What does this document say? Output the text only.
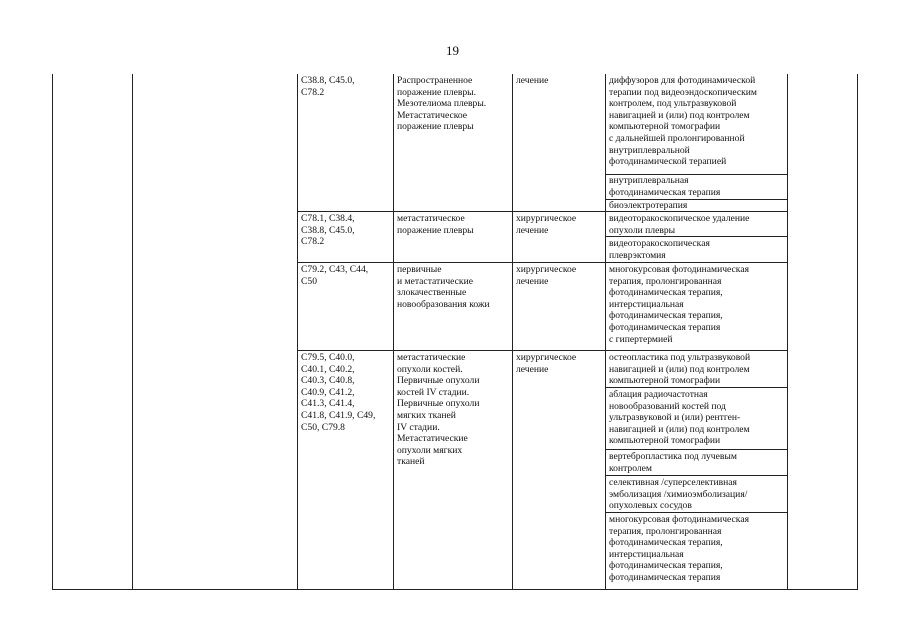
19
C38.8, C45.0,
C78.2
Распространенное
поражение плевры.
Мезотелиома плевры.
Метастатическое
поражение плевры
лечение	диффузоров для фотодинамической
терапии под видеоэндоскопическим
контролем, под ультразвуковой
навигацией и (или) под контролем
компьютерной томографии
с дальнейшей пролонгированной
внутриплевральной
фотодинамической терапией
внутриплевральная
фотодинамическая терапия
биоэлектротерапия
C78.1, C38.4,
C38.8, C45.0,
C78.2
метастатическое
поражение плевры
хирургическое
лечение
видеоторакоскопическое удаление
опухоли плевры
видеоторакоскопическая
плеврэктомия
C79.2, C43, C44,
C50
первичные
и метастатические
злокачественные
новообразования кожи
хирургическое
лечение
многокурсовая фотодинамическая
терапия, пролонгированная
фотодинамическая терапия,
интерстициальная
фотодинамическая терапия,
фотодинамическая терапия
с гипертермией
C79.5, C40.0,
C40.1, C40.2,
C40.3, C40.8,
C40.9, C41.2,
C41.3, C41.4,
C41.8, C41.9, C49,
C50, C79.8
метастатические
опухоли костей.
Первичные опухоли
костей IV стадии.
Первичные опухоли
мягких тканей
IV стадии.
Метастатические
опухоли мягких
тканей
хирургическое
лечение
остеопластика под ультразвуковой
навигацией и (или) под контролем
компьютерной томографии
аблация радиочастотная
новообразований костей под
ультразвуковой и (или) рентген-
навигацией и (или) под контролем
компьютерной томографии
вертебропластика под лучевым
контролем
селективная /суперселективная
эмболизация /химиоэмболизация/
опухолевых сосудов
многокурсовая фотодинамическая
терапия, пролонгированная
фотодинамическая терапия,
интерстициальная
фотодинамическая терапия,
фотодинамическая терапия
